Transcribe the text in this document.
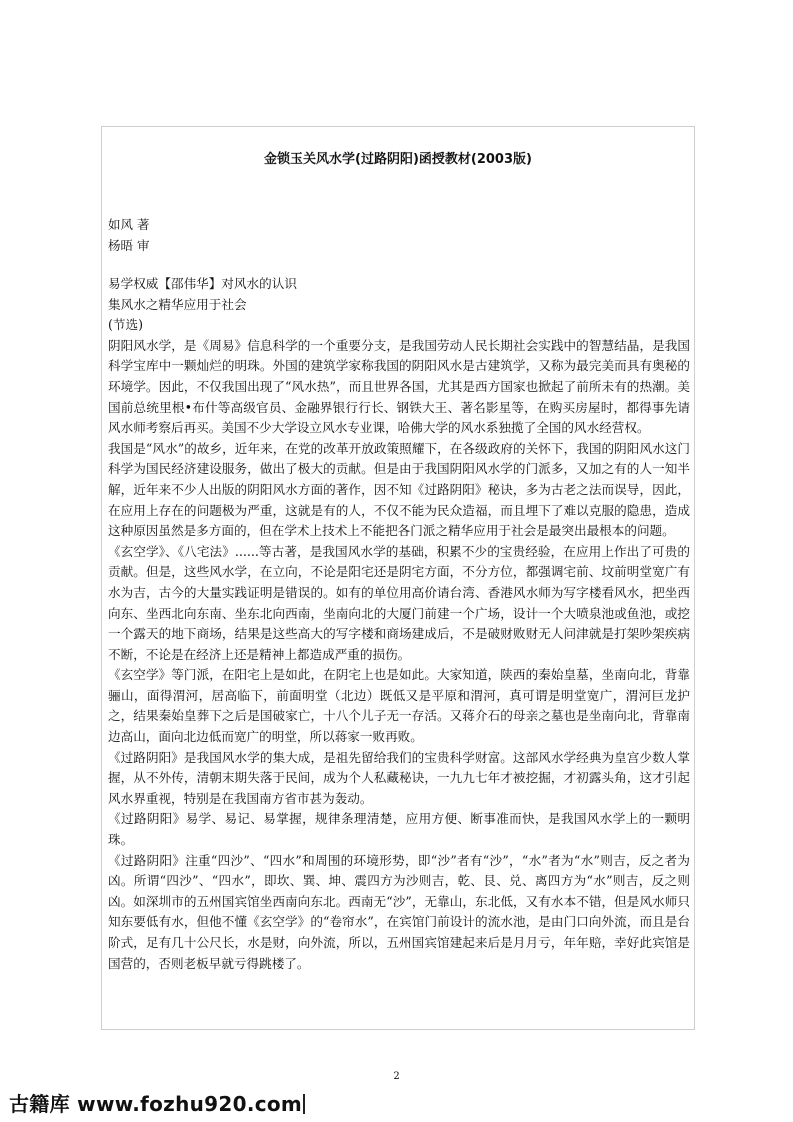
金锁玉关风水学(过路阴阳)函授教材(2003版)
如风 著
杨晤 审

易学权威【邵伟华】对风水的认识

集风水之精华应用于社会

(节选)

阴阳风水学，是《周易》信息科学的一个重要分支，是我国劳动人民长期社会实践中的智慧结晶，是我国科学宝库中一颗灿烂的明珠。外国的建筑学家称我国的阴阳风水是古建筑学，又称为最完美而具有奥秘的环境学。因此，不仅我国出现了“风水热”，而且世界各国，尤其是西方国家也掀起了前所未有的热潮。美国前总统里根•布什等高级官员、金融界银行行长、钢铁大王、著名影星等，在购买房屋时，都得事先请风水师考察后再买。美国不少大学设立风水专业课，哈佛大学的风水系独揽了全国的风水经营权。

我国是“风水”的故乡，近年来，在党的改革开放政策照耀下，在各级政府的关怀下，我国的阴阳风水这门科学为国民经济建设服务，做出了极大的贡献。但是由于我国阴阳风水学的门派多，又加之有的人一知半解，近年来不少人出版的阴阳风水方面的著作，因不知《过路阴阳》秘诀，多为古老之法而误导，因此，在应用上存在的问题极为严重，这就是有的人，不仅不能为民众造福，而且埋下了难以克服的隐患，造成这种原因虽然是多方面的，但在学术上技术上不能把各门派之精华应用于社会是最突出最根本的问题。

《玄空学》、《八宅法》......等古著，是我国风水学的基础，积累不少的宝贵经验，在应用上作出了可贵的贡献。但是，这些风水学，在立向，不论是阳宅还是阴宅方面，不分方位，都强调宅前、坟前明堂宽广有水为吉，古今的大量实践证明是错误的。如有的单位用高价请台湾、香港风水师为写字楼看风水，把坐西向东、坐西北向东南、坐东北向西南，坐南向北的大厦门前建一个广场，设计一个大喷泉池或鱼池，或挖一个露天的地下商场，结果是这些高大的写字楼和商场建成后，不是破财败财无人问津就是打架吵架疾病不断，不论是在经济上还是精神上都造成严重的损伤。

《玄空学》等门派，在阳宅上是如此，在阴宅上也是如此。大家知道，陕西的秦始皇墓，坐南向北，背靠骊山，面得渭河，居高临下，前面明堂（北边）既低又是平原和渭河，真可谓是明堂宽广，渭河巨龙护之，结果秦始皇葬下之后是国破家亡，十八个儿子无一存活。又蒋介石的母亲之墓也是坐南向北，背靠南边高山，面向北边低而宽广的明堂，所以蒋家一败再败。

《过路阴阳》是我国风水学的集大成，是祖先留给我们的宝贵科学财富。这部风水学经典为皇宫少数人掌握，从不外传，清朝末期失落于民间，成为个人私藏秘诀，一九九七年才被挖掘，才初露头角，这才引起风水界重视，特别是在我国南方省市甚为轰动。

《过路阴阳》易学、易记、易掌握，规律条理清楚，应用方便、断事准而快，是我国风水学上的一颗明珠。

《过路阴阳》注重“四沙”、“四水”和周围的环境形势，即“沙”者有“沙”，“水”者为“水”则吉，反之者为凶。所谓“四沙”、“四水”，即坎、巽、坤、震四方为沙则吉，乾、艮、兑、离四方为“水”则吉，反之则凶。如深圳市的五州国宾馆坐西南向东北。西南无“沙”，无靠山，东北低，又有水本不错，但是风水师只知东要低有水，但他不懂《玄空学》的“卷帘水”，在宾馆门前设计的流水池，是由门口向外流，而且是台阶式，足有几十公尺长，水是财，向外流，所以，五州国宾馆建起来后是月月亏，年年赔，幸好此宾馆是国营的，否则老板早就亏得跳楼了。

2
古籍库 www.fozhu920.com
